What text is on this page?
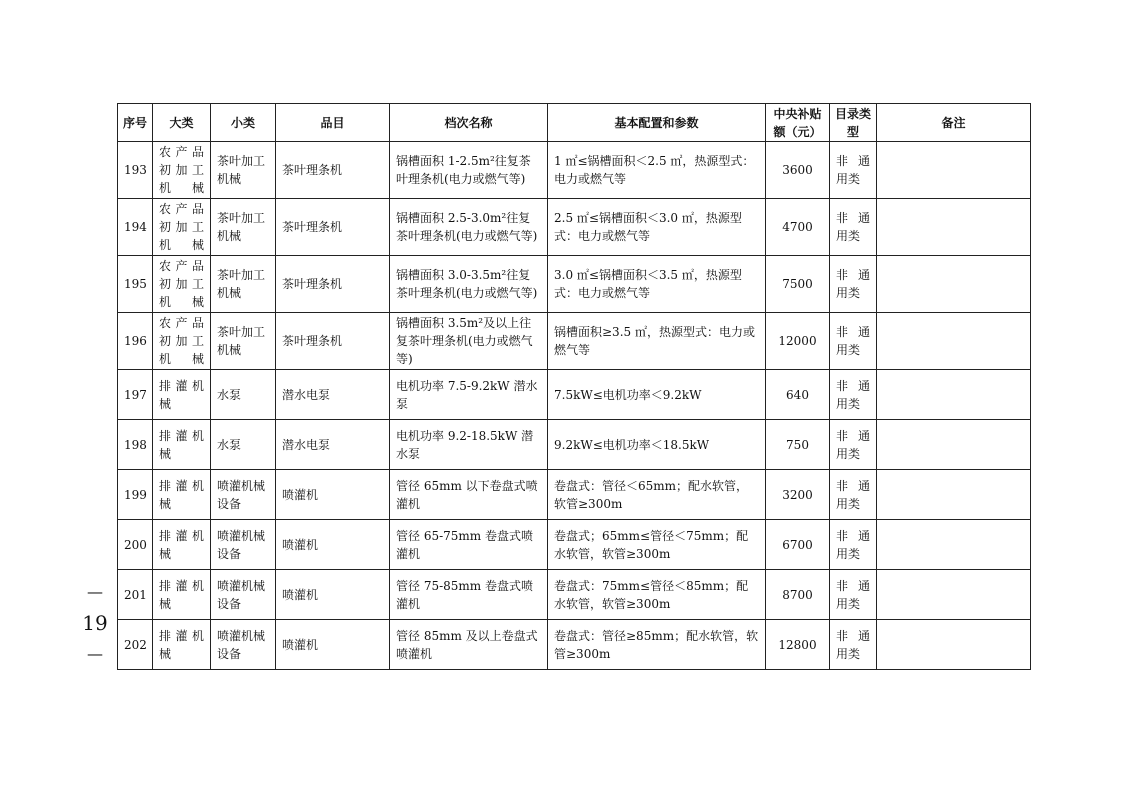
—
19
—
序号	大类	小类	品目	档次名称	基本配置和参数	中央补贴额（元）	目录类型	备注
193	农产品初加工机械	茶叶加工机械	茶叶理条机	锅槽面积 1-2.5m²往复茶叶理条机(电力或燃气等)	1 ㎡≤锅槽面积＜2.5 ㎡，热源型式：电力或燃气等	3600	非通用类	
194	农产品初加工机械	茶叶加工机械	茶叶理条机	锅槽面积 2.5-3.0m²往复茶叶理条机(电力或燃气等)	2.5 ㎡≤锅槽面积＜3.0 ㎡，热源型式：电力或燃气等	4700	非通用类	
195	农产品初加工机械	茶叶加工机械	茶叶理条机	锅槽面积 3.0-3.5m²往复茶叶理条机(电力或燃气等)	3.0 ㎡≤锅槽面积＜3.5 ㎡，热源型式：电力或燃气等	7500	非通用类	
196	农产品初加工机械	茶叶加工机械	茶叶理条机	锅槽面积 3.5m²及以上往复茶叶理条机(电力或燃气等)	锅槽面积≥3.5 ㎡，热源型式：电力或燃气等	12000	非通用类	
197	排灌机械	水泵	潜水电泵	电机功率 7.5-9.2kW 潜水泵	7.5kW≤电机功率＜9.2kW	640	非通用类	
198	排灌机械	水泵	潜水电泵	电机功率 9.2-18.5kW 潜水泵	9.2kW≤电机功率＜18.5kW	750	非通用类	
199	排灌机械	喷灌机械设备	喷灌机	管径 65mm 以下卷盘式喷灌机	卷盘式：管径＜65mm；配水软管，软管≥300m	3200	非通用类	
200	排灌机械	喷灌机械设备	喷灌机	管径 65-75mm 卷盘式喷灌机	卷盘式；65mm≤管径＜75mm；配水软管，软管≥300m	6700	非通用类	
201	排灌机械	喷灌机械设备	喷灌机	管径 75-85mm 卷盘式喷灌机	卷盘式：75mm≤管径＜85mm；配水软管，软管≥300m	8700	非通用类	
202	排灌机械	喷灌机械设备	喷灌机	管径 85mm 及以上卷盘式喷灌机	卷盘式：管径≥85mm；配水软管，软管≥300m	12800	非通用类	
